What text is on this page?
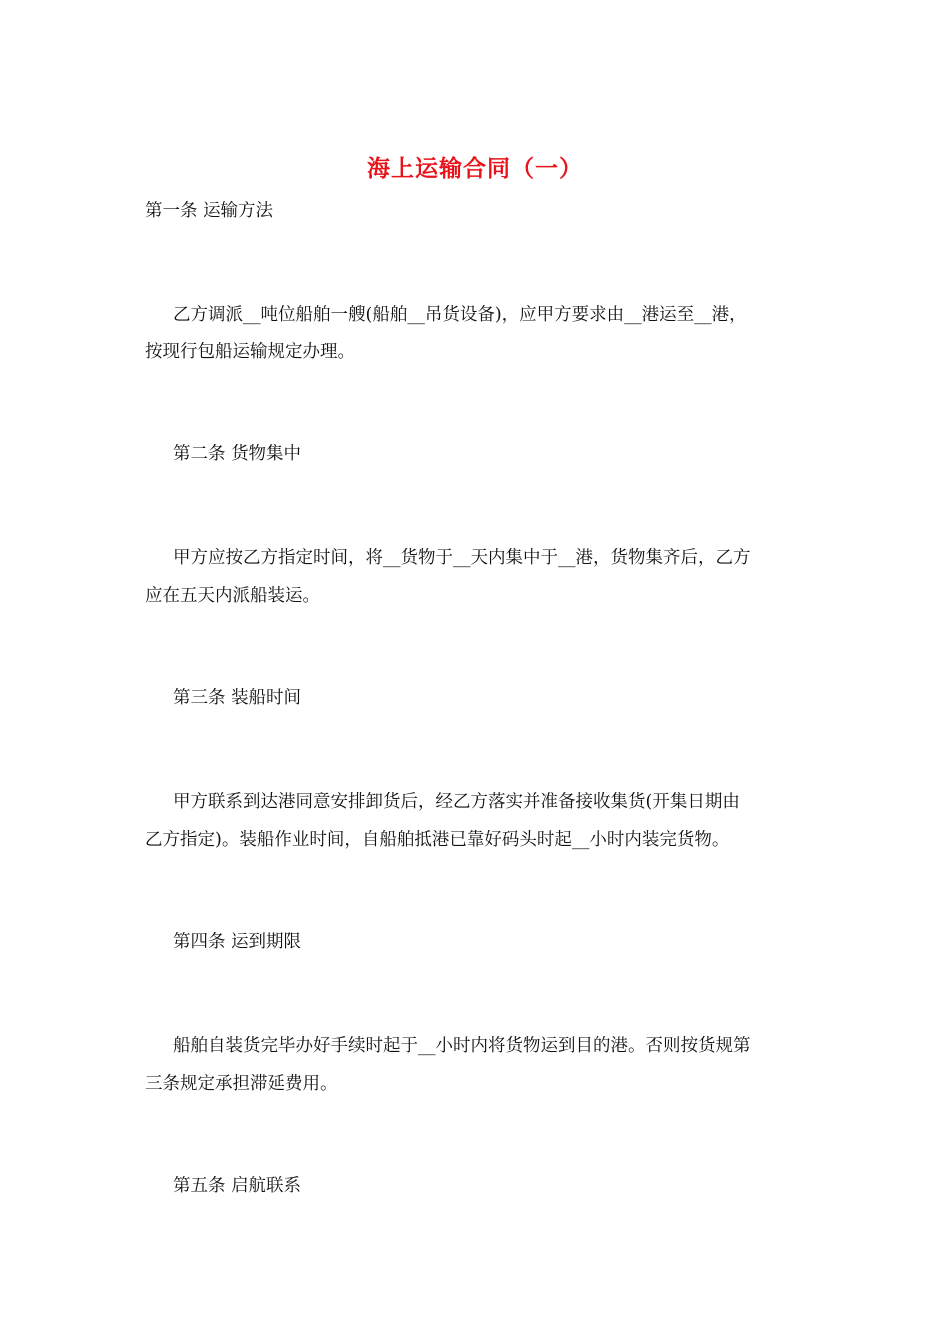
海上运输合同（一）
第一条 运输方法
乙方调派__吨位船舶一艘(船舶__吊货设备)，应甲方要求由__港运至__港，
按现行包船运输规定办理。
第二条 货物集中
甲方应按乙方指定时间，将__货物于__天内集中于__港，货物集齐后，乙方
应在五天内派船装运。
第三条 装船时间
甲方联系到达港同意安排卸货后，经乙方落实并准备接收集货(开集日期由
乙方指定)。装船作业时间，自船舶抵港已靠好码头时起__小时内装完货物。
第四条 运到期限
船舶自装货完毕办好手续时起于__小时内将货物运到目的港。否则按货规第
三条规定承担滞延费用。
第五条 启航联系
